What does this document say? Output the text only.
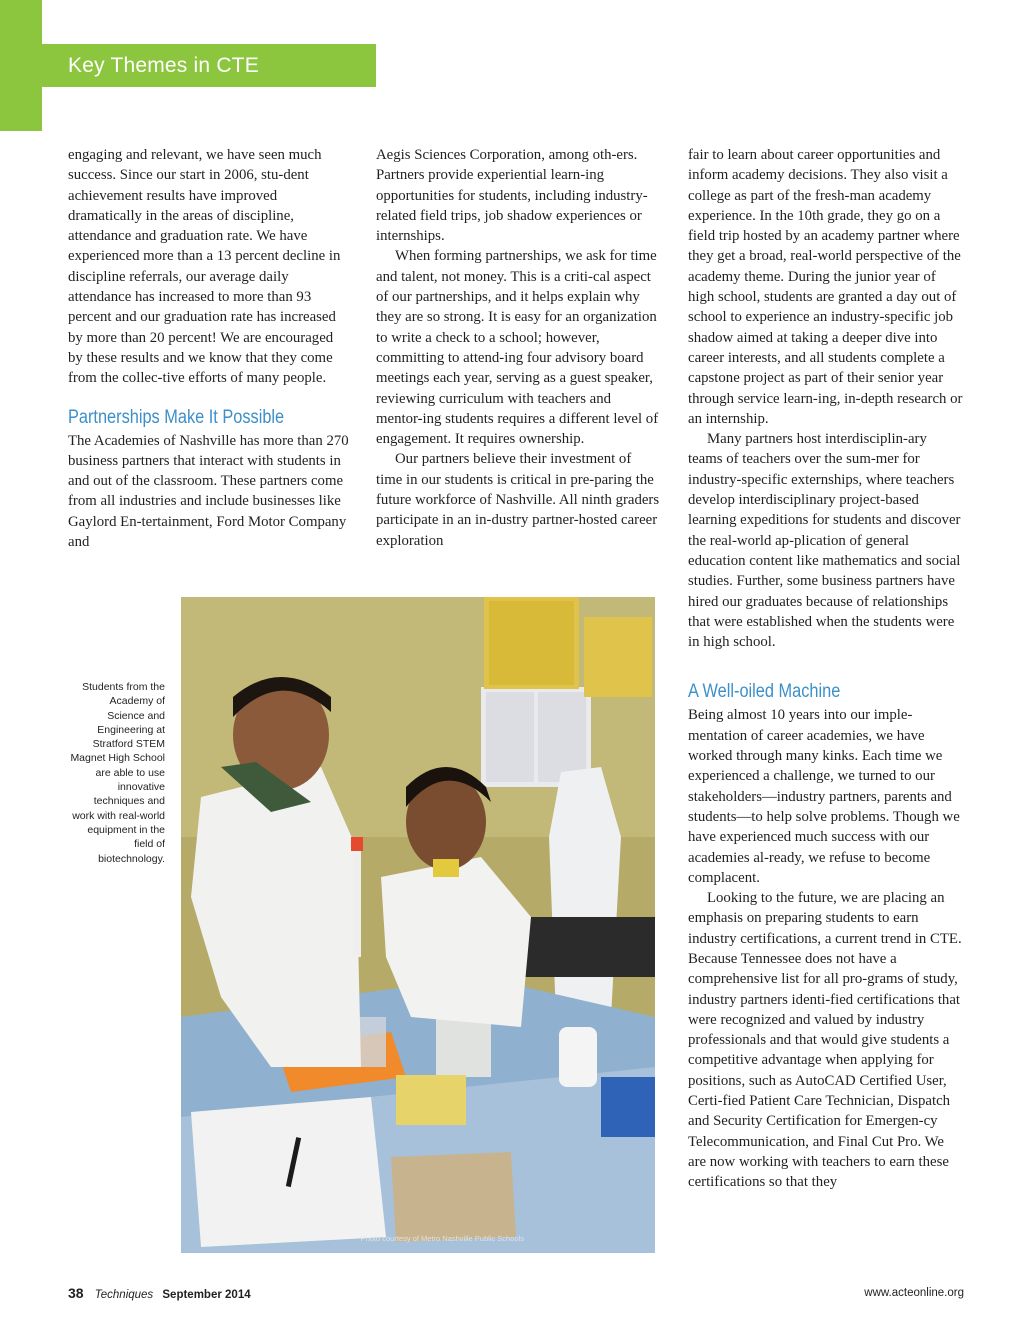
Key Themes in CTE

engaging and relevant, we have seen much success. Since our start in 2006, stu-dent achievement results have improved dramatically in the areas of discipline, attendance and graduation rate. We have experienced more than a 13 percent decline in discipline referrals, our average daily attendance has increased to more than 93 percent and our graduation rate has increased by more than 20 percent! We are encouraged by these results and we know that they come from the collec-tive efforts of many people.

Partnerships Make It Possible

The Academies of Nashville has more than 270 business partners that interact with students in and out of the classroom. These partners come from all industries and include businesses like Gaylord En-tertainment, Ford Motor Company and

Aegis Sciences Corporation, among oth-ers. Partners provide experiential learn-ing opportunities for students, including industry-related field trips, job shadow experiences or internships.

When forming partnerships, we ask for time and talent, not money. This is a criti-cal aspect of our partnerships, and it helps explain why they are so strong. It is easy for an organization to write a check to a school; however, committing to attend-ing four advisory board meetings each year, serving as a guest speaker, reviewing curriculum with teachers and mentor-ing students requires a different level of engagement. It requires ownership.

Our partners believe their investment of time in our students is critical in pre-paring the future workforce of Nashville. All ninth graders participate in an in-dustry partner-hosted career exploration

fair to learn about career opportunities and inform academy decisions. They also visit a college as part of the fresh-man academy experience. In the 10th grade, they go on a field trip hosted by an academy partner where they get a broad, real-world perspective of the academy theme. During the junior year of high school, students are granted a day out of school to experience an industry-specific job shadow aimed at taking a deeper dive into career interests, and all students complete a capstone project as part of their senior year through service learn-ing, in-depth research or an internship.

Many partners host interdisciplin-ary teams of teachers over the sum-mer for industry-specific externships, where teachers develop interdisciplinary project-based learning expeditions for students and discover the real-world ap-plication of general education content like mathematics and social studies. Further, some business partners have hired our graduates because of relationships that were established when the students were in high school.

A Well-oiled Machine

Being almost 10 years into our imple-mentation of career academies, we have worked through many kinks. Each time we experienced a challenge, we turned to our stakeholders—industry partners, parents and students—to help solve problems. Though we have experienced much success with our academies al-ready, we refuse to become complacent.

Looking to the future, we are placing an emphasis on preparing students to earn industry certifications, a current trend in CTE. Because Tennessee does not have a comprehensive list for all pro-grams of study, industry partners identi-fied certifications that were recognized and valued by industry professionals and that would give students a competitive advantage when applying for positions, such as AutoCAD Certified User, Certi-fied Patient Care Technician, Dispatch and Security Certification for Emergen-cy Telecommunication, and Final Cut Pro. We are now working with teachers to earn these certifications so that they

Students from the Academy of Science and Engineering at Stratford STEM Magnet High School are able to use innovative techniques and work with real-world equipment in the field of biotechnology.
Photo courtesy of Metro Nashville Public Schools
38 Techniques September 2014	www.acteonline.org
